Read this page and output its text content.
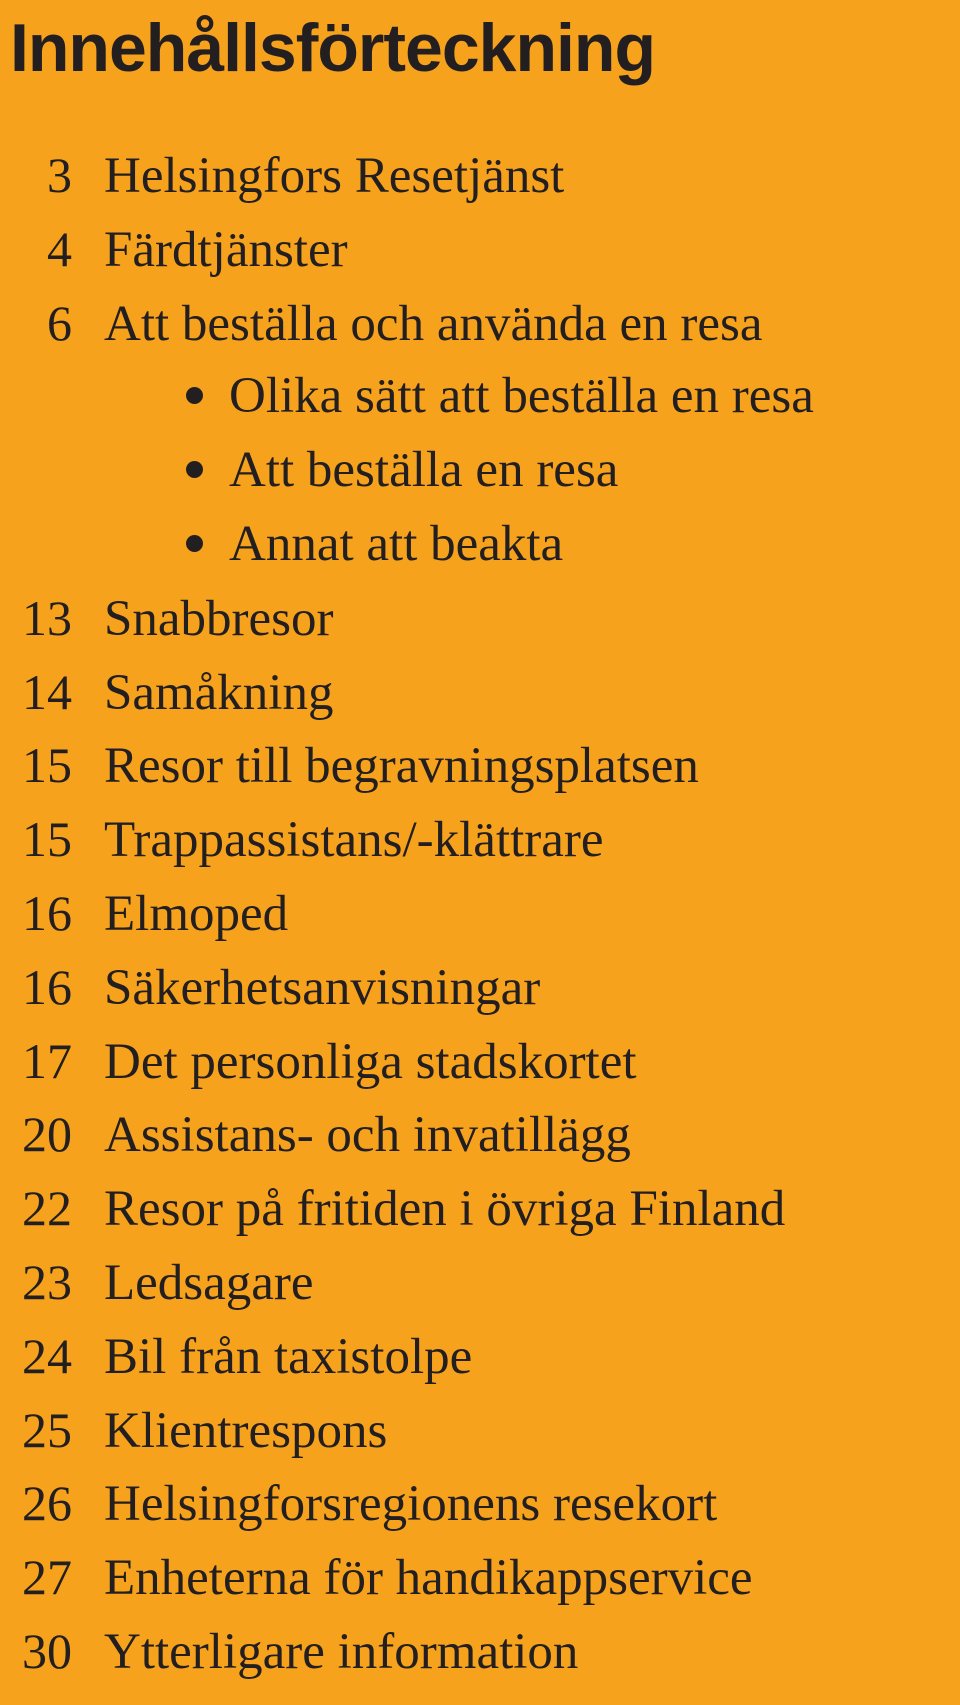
Innehållsförteckning
3 Helsingfors Resetjänst
4 Färdtjänster
6 Att beställa och använda en resa
Olika sätt att beställa en resa
Att beställa en resa
Annat att beakta
13 Snabbresor
14 Samåkning
15 Resor till begravningsplatsen
15 Trappassistans/-klättrare
16 Elmoped
16 Säkerhetsanvisningar
17 Det personliga stadskortet
20 Assistans- och invatillägg
22 Resor på fritiden i övriga Finland
23 Ledsagare
24 Bil från taxistolpe
25 Klientrespons
26 Helsingforsregionens resekort
27 Enheterna för handikappservice
30 Ytterligare information
